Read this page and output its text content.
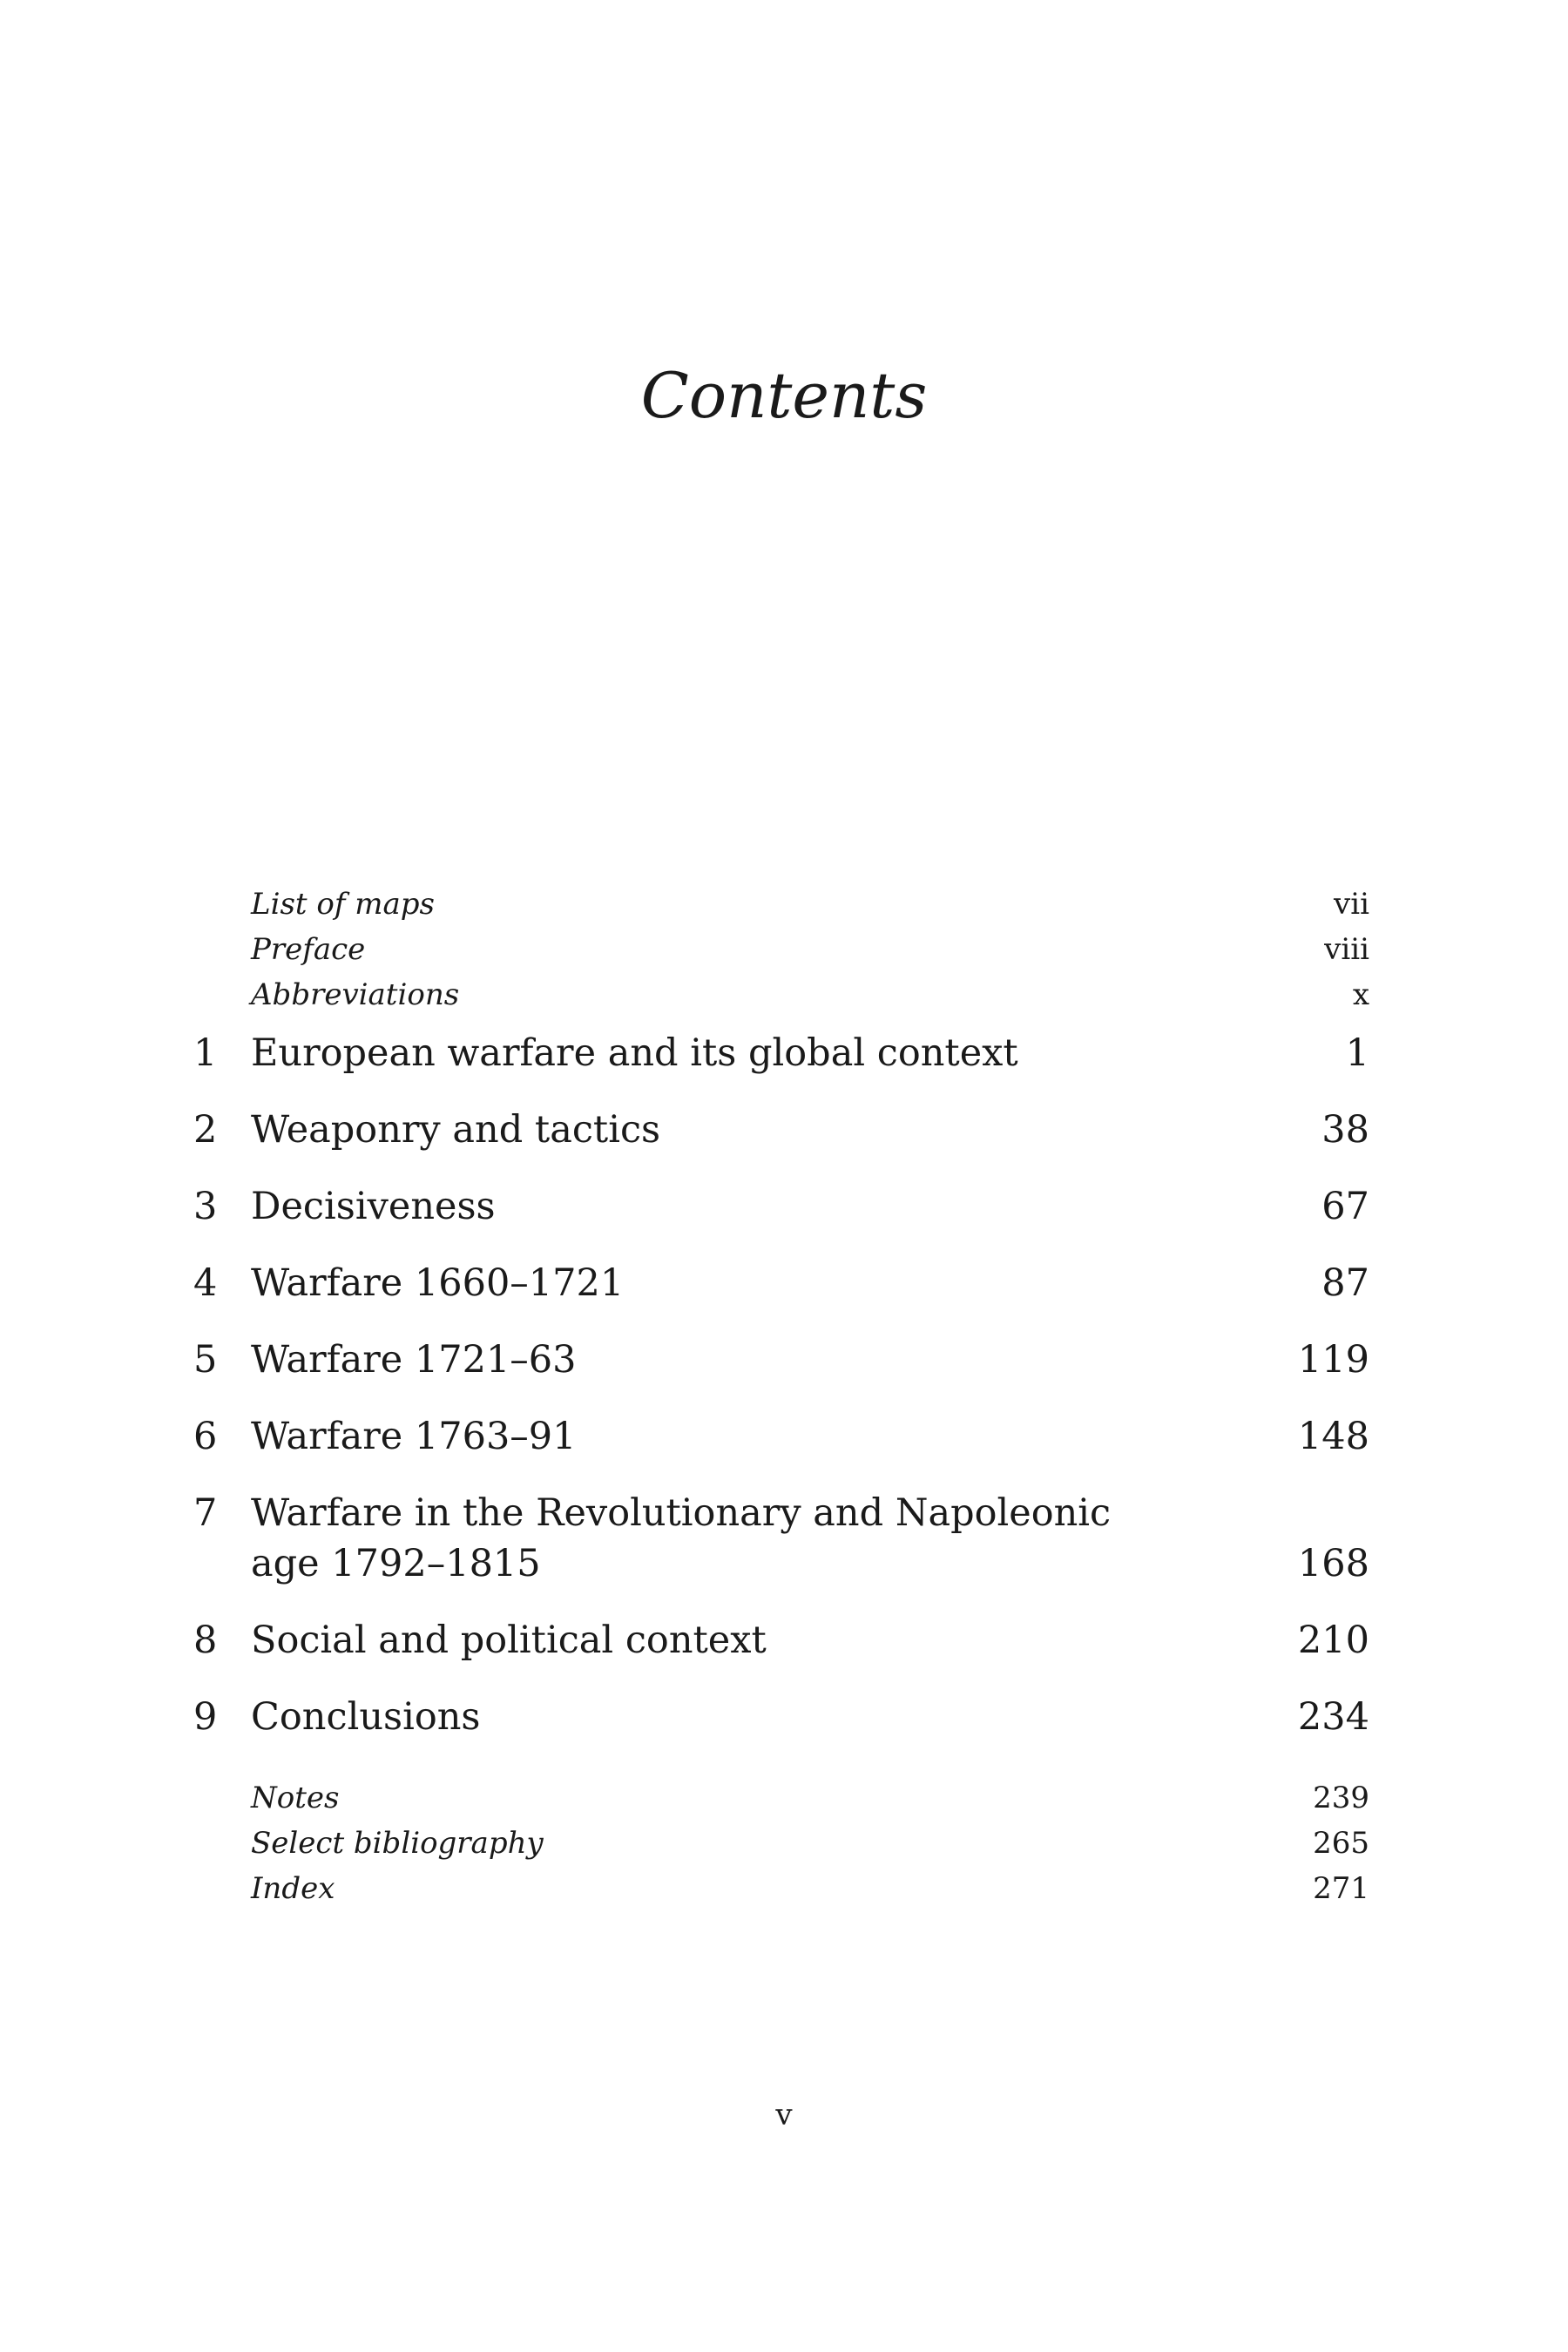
Contents
List of maps	vii
Preface	viii
Abbreviations	x
1 European warfare and its global context	1
2 Weaponry and tactics	38
3 Decisiveness	67
4 Warfare 1660–1721	87
5 Warfare 1721–63	119
6 Warfare 1763–91	148
7 Warfare in the Revolutionary and Napoleonic age 1792–1815	168
8 Social and political context	210
9 Conclusions	234
Notes	239
Select bibliography	265
Index	271
v
